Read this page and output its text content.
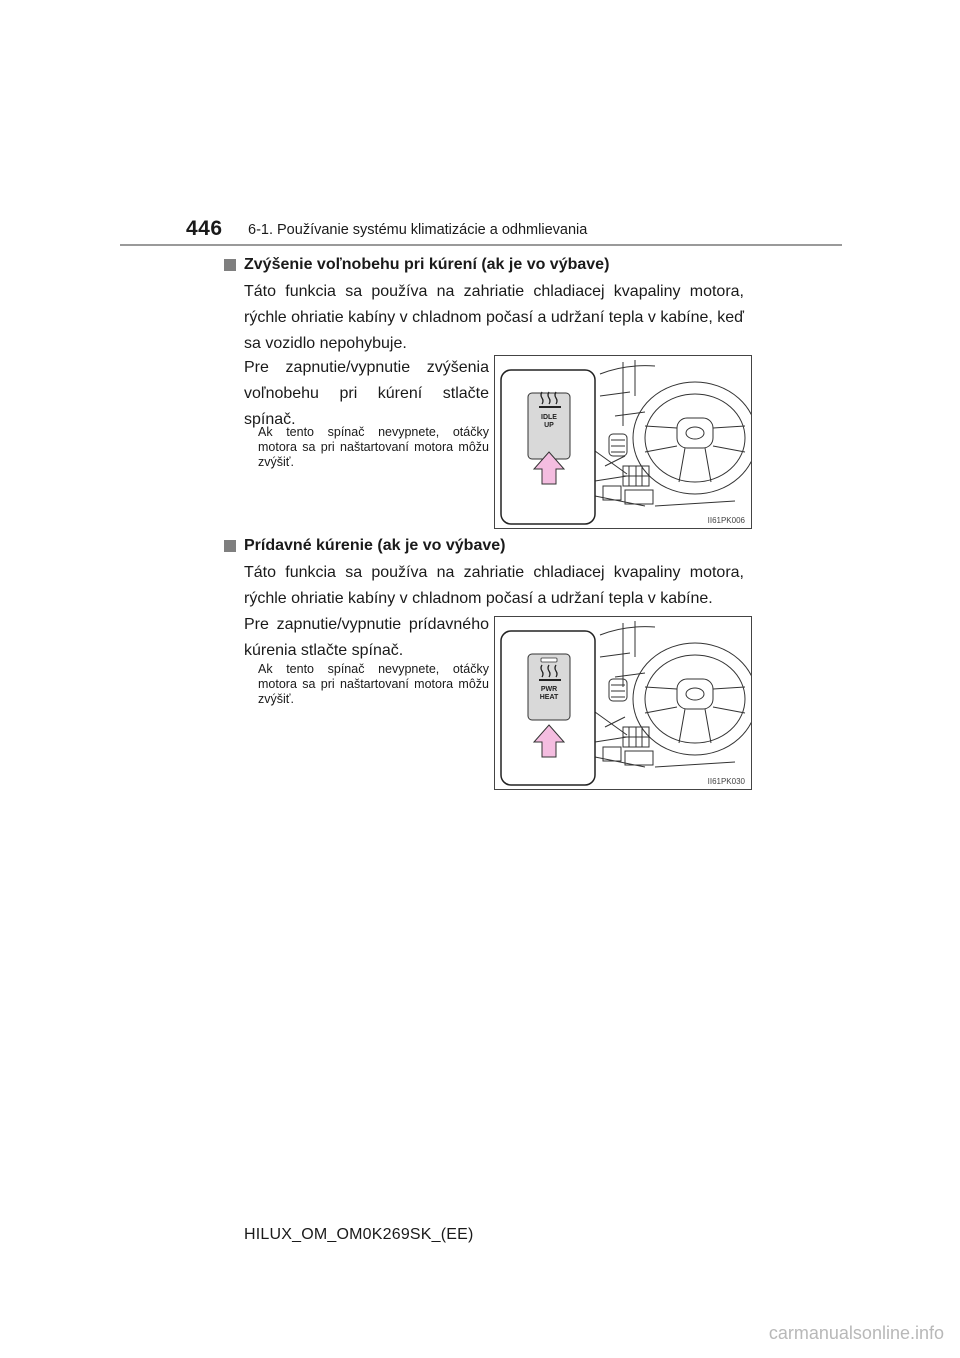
446 6-1. Používanie systému klimatizácie a odhmlievania
Zvýšenie voľnobehu pri kúrení (ak je vo výbave)
Táto funkcia sa používa na zahriatie chladiacej kvapaliny motora, rýchle ohriatie kabíny v chladnom počasí a udržaní tepla v kabíne, keď sa vozidlo nepohybuje.
Pre zapnutie/vypnutie zvýšenia voľnobehu pri kúrení stlačte spínač.
Ak tento spínač nevypnete, otáčky motora sa pri naštartovaní motora môžu zvýšiť.
IDLE
UP
II61PK006
Prídavné kúrenie (ak je vo výbave)
Táto funkcia sa používa na zahriatie chladiacej kvapaliny motora, rýchle ohriatie kabíny v chladnom počasí a udržaní tepla v kabíne.
Pre zapnutie/vypnutie prídavného kúrenia stlačte spínač.
Ak tento spínač nevypnete, otáčky motora sa pri naštartovaní motora môžu zvýšiť.
PWR
HEAT
II61PK030
HILUX_OM_OM0K269SK_(EE)
carmanualsonline.info
